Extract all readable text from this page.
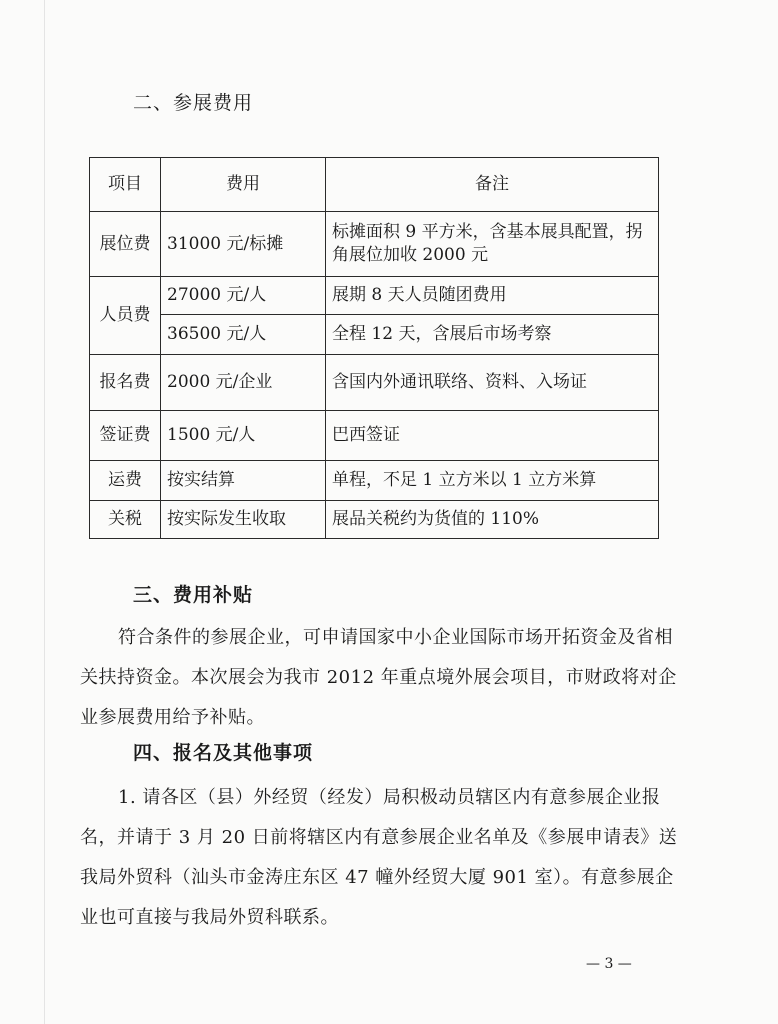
二、参展费用
项目	费用	备注
展位费	31000 元/标摊	标摊面积 9 平方米，含基本展具配置，拐角展位加收 2000 元
人员费	27000 元/人	展期 8 天人员随团费用
	36500 元/人	全程 12 天，含展后市场考察
报名费	2000 元/企业	含国内外通讯联络、资料、入场证
签证费	1500 元/人	巴西签证
运费	按实结算	单程，不足 1 立方米以 1 立方米算
关税	按实际发生收取	展品关税约为货值的 110%
三、费用补贴
符合条件的参展企业，可申请国家中小企业国际市场开拓资金及省相关扶持资金。本次展会为我市 2012 年重点境外展会项目，市财政将对企业参展费用给予补贴。
四、报名及其他事项
1. 请各区（县）外经贸（经发）局积极动员辖区内有意参展企业报名，并请于 3 月 20 日前将辖区内有意参展企业名单及《参展申请表》送我局外贸科（汕头市金涛庄东区 47 幢外经贸大厦 901 室）。有意参展企业也可直接与我局外贸科联系。
— 3 —
